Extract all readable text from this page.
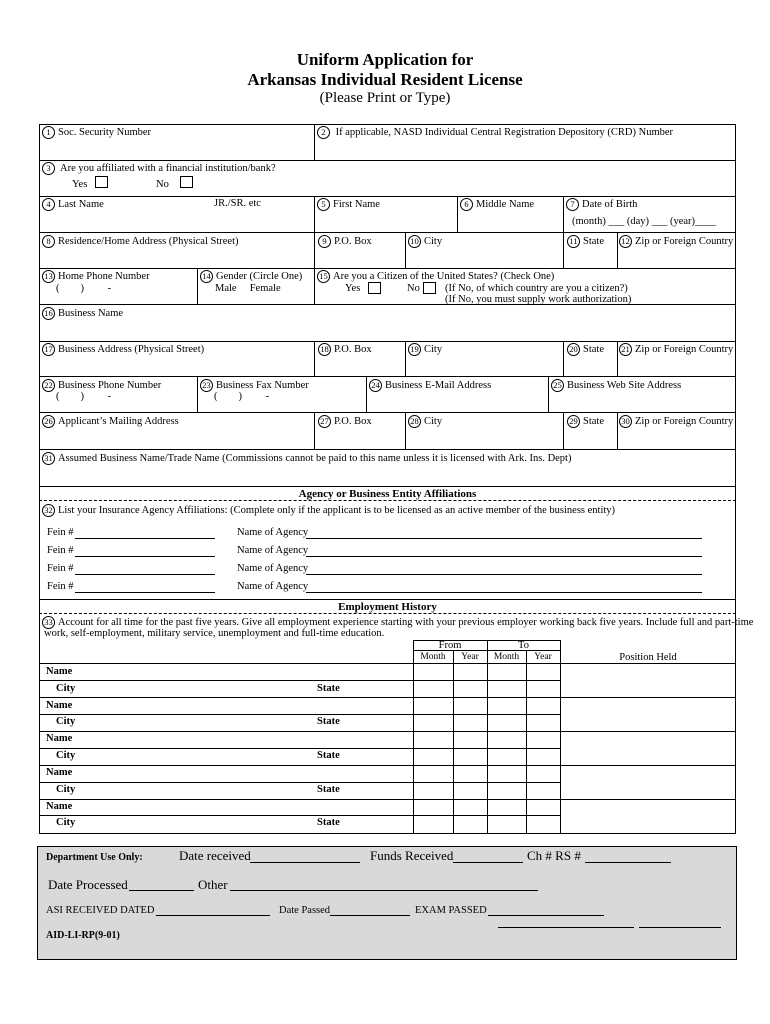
Uniform Application for
Arkansas Individual Resident License
(Please Print or Type)
1 Soc. Security Number	2 If applicable, NASD Individual Central Registration Depository (CRD) Number
3 Are you affiliated with a financial institution/bank?
Yes	No
4 Last Name	JR./SR. etc	5 First Name	6 Middle Name	7 Date of Birth
(month) ___ (day) ___ (year)____
8 Residence/Home Address (Physical Street)	9 P.O. Box	10 City	11 State 12 Zip or Foreign Country
13 Home Phone Number
(        )         -
14 Gender (Circle One)
Male     Female
15 Are you a Citizen of the United States? (Check One)
Yes	No (If No, of which country are you a citizen?)
(If No, you must supply work authorization)
16 Business Name
17 Business Address (Physical Street)	18 P.O. Box	19 City	20 State 21 Zip or Foreign Country
22 Business Phone Number
(        )         -
23 Business Fax Number
(        )         -
24 Business E-Mail Address	25 Business Web Site Address
26 Applicant’s Mailing Address	27 P.O. Box	28 City	29 State 30 Zip or Foreign Country
31 Assumed Business Name/Trade Name (Commissions cannot be paid to this name unless it is licensed with Ark. Ins. Dept)
Agency or Business Entity Affiliations
32 List your Insurance Agency Affiliations: (Complete only if the applicant is to be licensed as an active member of the business entity)
Fein #	Name of Agency
Fein #	Name of Agency
Fein #	Name of Agency
Fein #	Name of Agency
Employment History
33 Account for all time for the past five years. Give all employment experience starting with your previous employer working back five years. Include full and part-time
work, self-employment, military service, unemployment and full-time education.
From	To
Month	Year	Month	Year	Position Held
Name
City	State
Name
City	State
Name
City	State
Name
City	State
Name
City	State
Department Use Only:	Date received	Funds Received	Ch # RS #
Date Processed	Other
ASI RECEIVED DATED	Date Passed	EXAM PASSED
AID-LI-RP(9-01)
